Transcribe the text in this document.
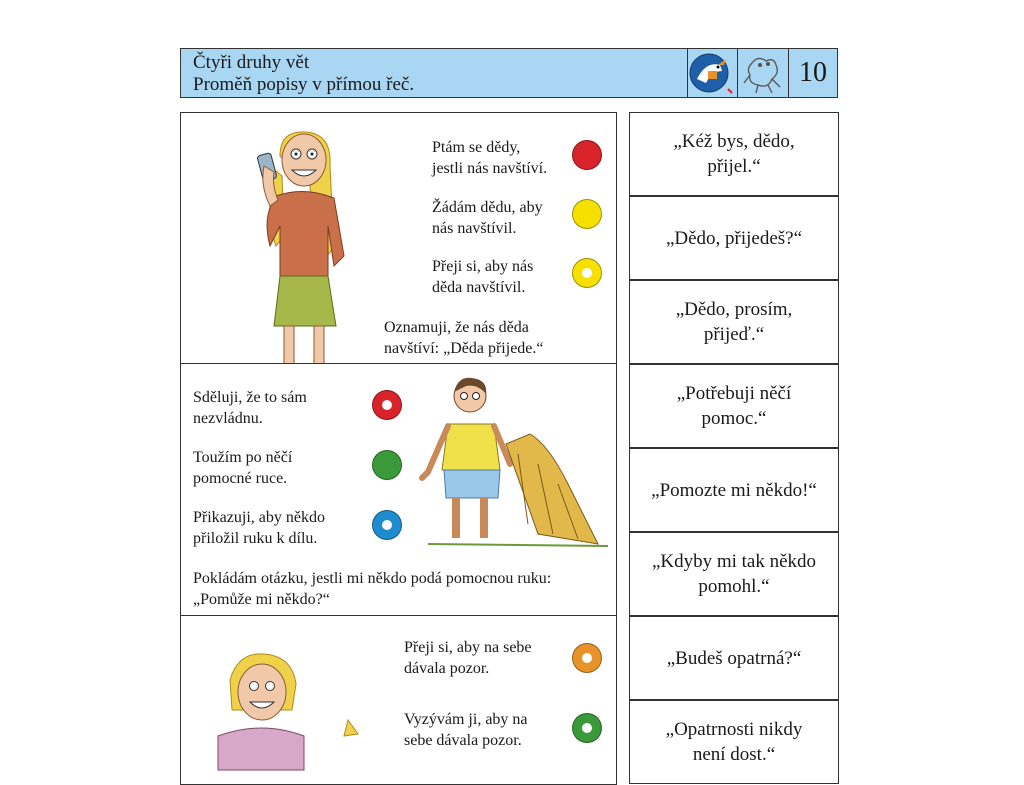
Čtyři druhy vět
Proměň popisy v přímou řeč.	10
Ptám se dědy,
jestli nás navštíví.
Žádám dědu, aby
nás navštívil.
Přeji si, aby nás
děda navštívil.
Oznamuji, že nás děda
navštíví: „Děda přijede.“
Sděluji, že to sám
nezvládnu.
Toužím po něčí
pomocné ruce.
Přikazuji, aby někdo
přiložil ruku k dílu.
Pokládám otázku, jestli mi někdo podá pomocnou ruku:
„Pomůže mi někdo?“
Přeji si, aby na sebe
dávala pozor.
Vyzývám ji, aby na
sebe dávala pozor.
„Kéž bys, dědo,
přijel.“
„Dědo, přijedeš?“
„Dědo, prosím,
přijeď.“
„Potřebuji něčí
pomoc.“
„Pomozte mi někdo!“
„Kdyby mi tak někdo
pomohl.“
„Budeš opatrná?“
„Opatrnosti nikdy
není dost.“
